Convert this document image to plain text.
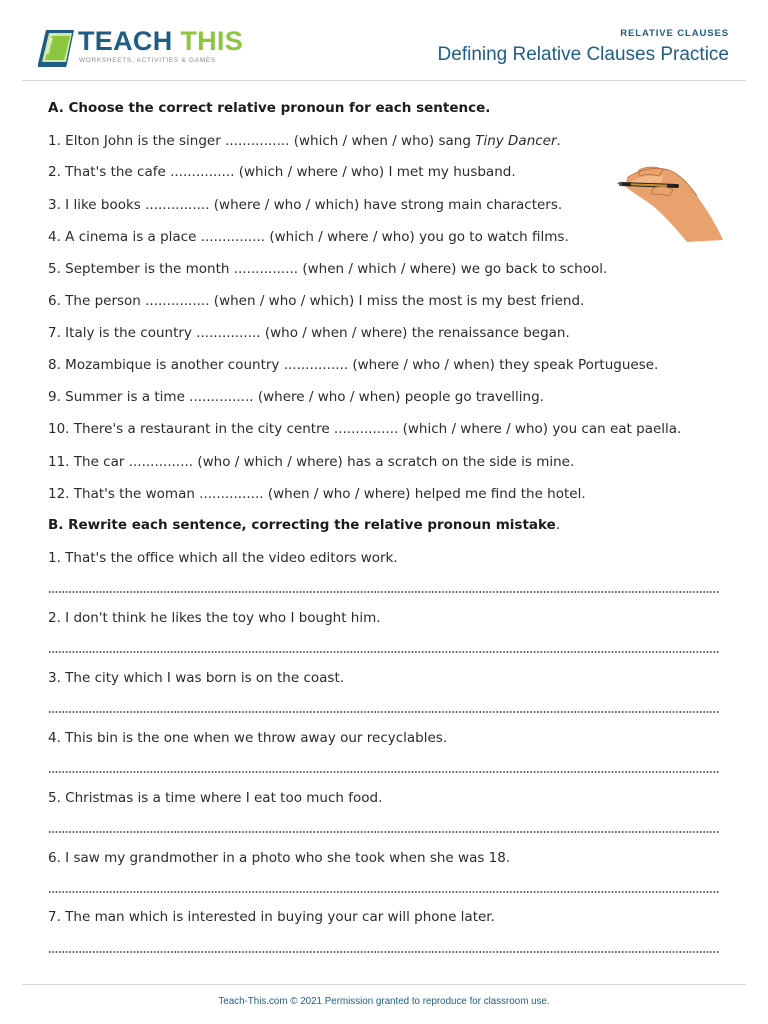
TEACH THIS
WORKSHEETS, ACTIVITIES & GAMES
RELATIVE CLAUSES
Defining Relative Clauses Practice
A. Choose the correct relative pronoun for each sentence.
1. Elton John is the singer ............... (which / when / who) sang Tiny Dancer.
2. That's the cafe ............... (which / where / who) I met my husband.
3. I like books ............... (where / who / which) have strong main characters.
4. A cinema is a place ............... (which / where / who) you go to watch films.
5. September is the month ............... (when / which / where) we go back to school.
6. The person ............... (when / who / which) I miss the most is my best friend.
7. Italy is the country ............... (who / when / where) the renaissance began.
8. Mozambique is another country ............... (where / who / when) they speak Portuguese.
9. Summer is a time ............... (where / who / when) people go travelling.
10. There's a restaurant in the city centre ............... (which / where / who) you can eat paella.
11. The car ............... (who / which / where) has a scratch on the side is mine.
12. That's the woman ............... (when / who / where) helped me find the hotel.
B. Rewrite each sentence, correcting the relative pronoun mistake.
1. That's the office which all the video editors work.
2. I don't think he likes the toy who I bought him.
3. The city which I was born is on the coast.
4. This bin is the one when we throw away our recyclables.
5. Christmas is a time where I eat too much food.
6. I saw my grandmother in a photo who she took when she was 18.
7. The man which is interested in buying your car will phone later.
Teach-This.com © 2021 Permission granted to reproduce for classroom use.
